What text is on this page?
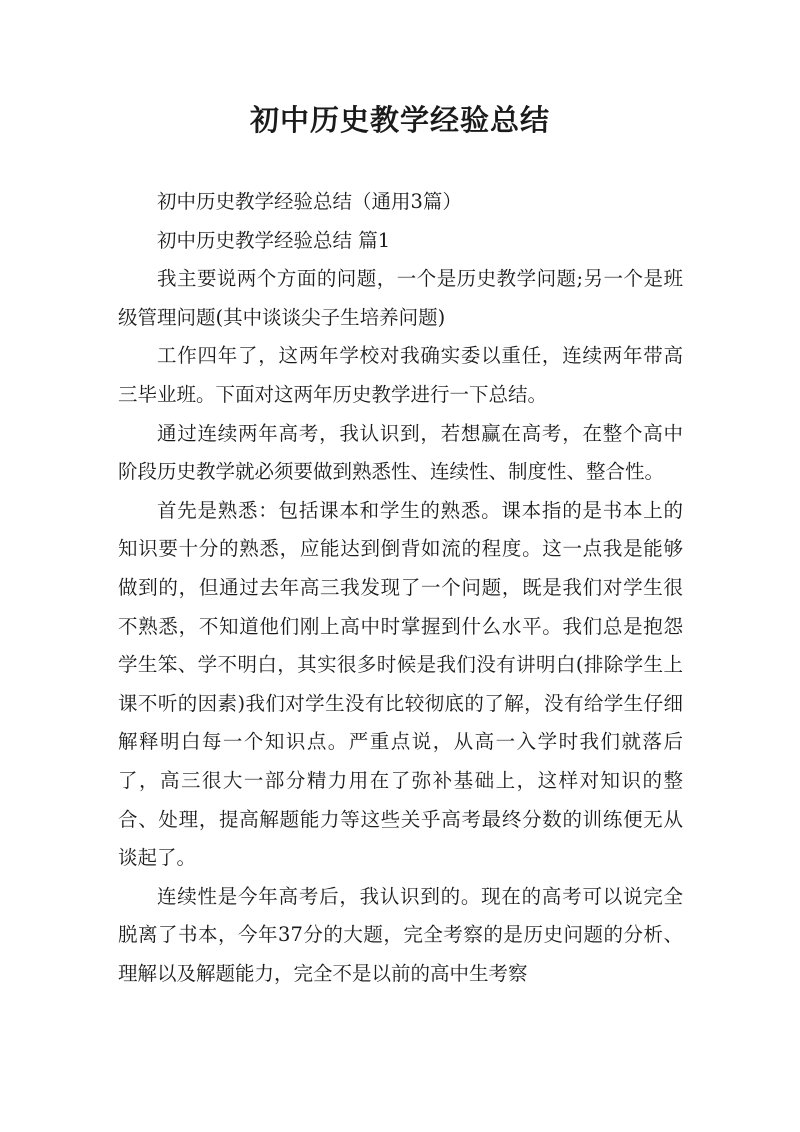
初中历史教学经验总结

初中历史教学经验总结（通用3篇）

初中历史教学经验总结 篇1

我主要说两个方面的问题，一个是历史教学问题;另一个是班级管理问题(其中谈谈尖子生培养问题)

工作四年了，这两年学校对我确实委以重任，连续两年带高三毕业班。下面对这两年历史教学进行一下总结。

通过连续两年高考，我认识到，若想赢在高考，在整个高中阶段历史教学就必须要做到熟悉性、连续性、制度性、整合性。

首先是熟悉：包括课本和学生的熟悉。课本指的是书本上的知识要十分的熟悉，应能达到倒背如流的程度。这一点我是能够做到的，但通过去年高三我发现了一个问题，既是我们对学生很不熟悉，不知道他们刚上高中时掌握到什么水平。我们总是抱怨学生笨、学不明白，其实很多时候是我们没有讲明白(排除学生上课不听的因素)我们对学生没有比较彻底的了解，没有给学生仔细解释明白每一个知识点。严重点说，从高一入学时我们就落后了，高三很大一部分精力用在了弥补基础上，这样对知识的整合、处理，提高解题能力等这些关乎高考最终分数的训练便无从谈起了。

连续性是今年高考后，我认识到的。现在的高考可以说完全脱离了书本，今年37分的大题，完全考察的是历史问题的分析、理解以及解题能力，完全不是以前的高中生考察
